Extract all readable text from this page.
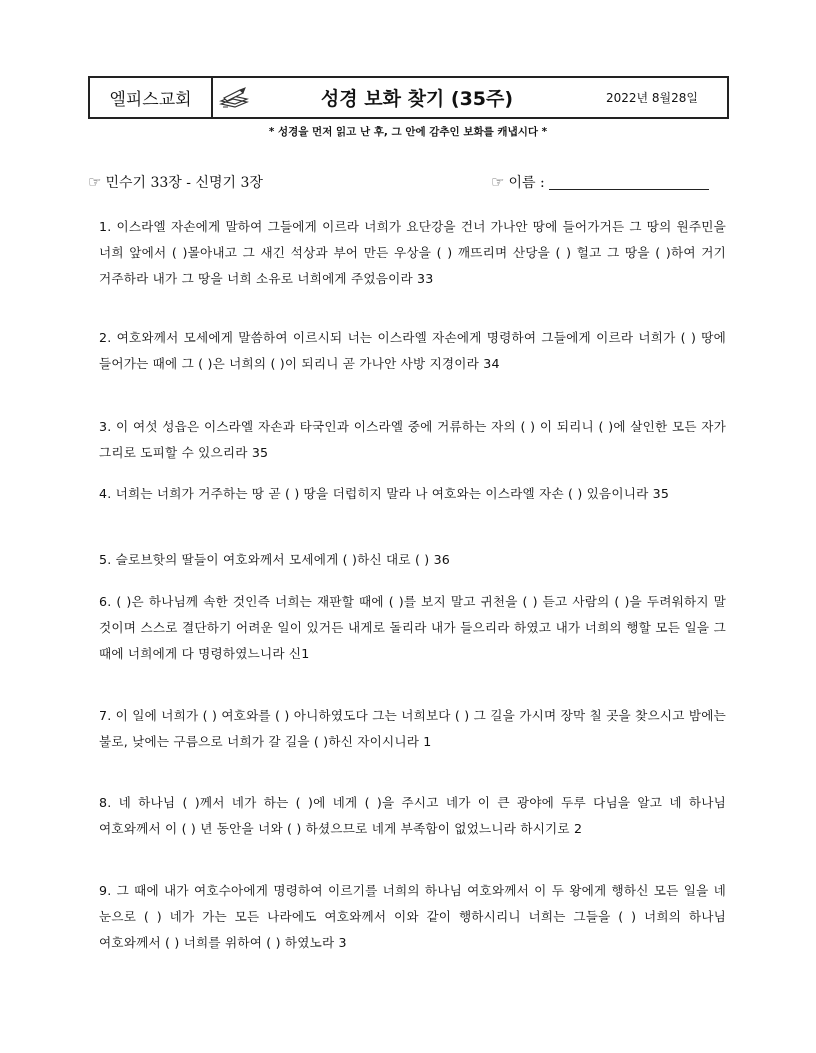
엘피스교회	성경 보화 찾기 (35주)	2022년 8월28일
* 성경을 먼저 읽고 난 후, 그 안에 감추인 보화를 캐냅시다 *
☞ 민수기 33장 - 신명기 3장	☞ 이름 :
1. 이스라엘 자손에게 말하여 그들에게 이르라 너희가 요단강을 건너 가나안 땅에 들어가거든 그 땅의 원주민을 너희 앞에서 ( )몰아내고 그 새긴 석상과 부어 만든 우상을 ( ) 깨뜨리며 산당을 ( ) 헐고 그 땅을 ( )하여 거기 거주하라 내가 그 땅을 너희 소유로 너희에게 주었음이라 33
2. 여호와께서 모세에게 말씀하여 이르시되 너는 이스라엘 자손에게 명령하여 그들에게 이르라 너희가 ( ) 땅에 들어가는 때에 그 ( )은 너희의 ( )이 되리니 곧 가나안 사방 지경이라 34
3. 이 여섯 성읍은 이스라엘 자손과 타국인과 이스라엘 중에 거류하는 자의 ( ) 이 되리니 ( )에 살인한 모든 자가 그리로 도피할 수 있으리라 35
4. 너희는 너희가 거주하는 땅 곧 ( ) 땅을 더럽히지 말라 나 여호와는 이스라엘 자손 ( ) 있음이니라 35
5. 슬로브핫의 딸들이 여호와께서 모세에게 ( )하신 대로 ( ) 36
6. ( )은 하나님께 속한 것인즉 너희는 재판할 때에 ( )를 보지 말고 귀천을 ( ) 듣고 사람의 ( )을 두려워하지 말 것이며 스스로 결단하기 어려운 일이 있거든 내게로 돌리라 내가 들으리라 하였고 내가 너희의 행할 모든 일을 그 때에 너희에게 다 명령하였느니라 신1
7. 이 일에 너희가 ( ) 여호와를 ( ) 아니하였도다 그는 너희보다 ( ) 그 길을 가시며 장막 칠 곳을 찾으시고 밤에는 불로, 낮에는 구름으로 너희가 갈 길을 ( )하신 자이시니라 1
8. 네 하나님 ( )께서 네가 하는 ( )에 네게 ( )을 주시고 네가 이 큰 광야에 두루 다님을 알고 네 하나님 여호와께서 이 ( ) 년 동안을 너와 ( ) 하셨으므로 네게 부족함이 없었느니라 하시기로 2
9. 그 때에 내가 여호수아에게 명령하여 이르기를 너희의 하나님 여호와께서 이 두 왕에게 행하신 모든 일을 네 눈으로 ( ) 네가 가는 모든 나라에도 여호와께서 이와 같이 행하시리니 너희는 그들을 ( ) 너희의 하나님 여호와께서 ( ) 너희를 위하여 ( ) 하였노라 3
